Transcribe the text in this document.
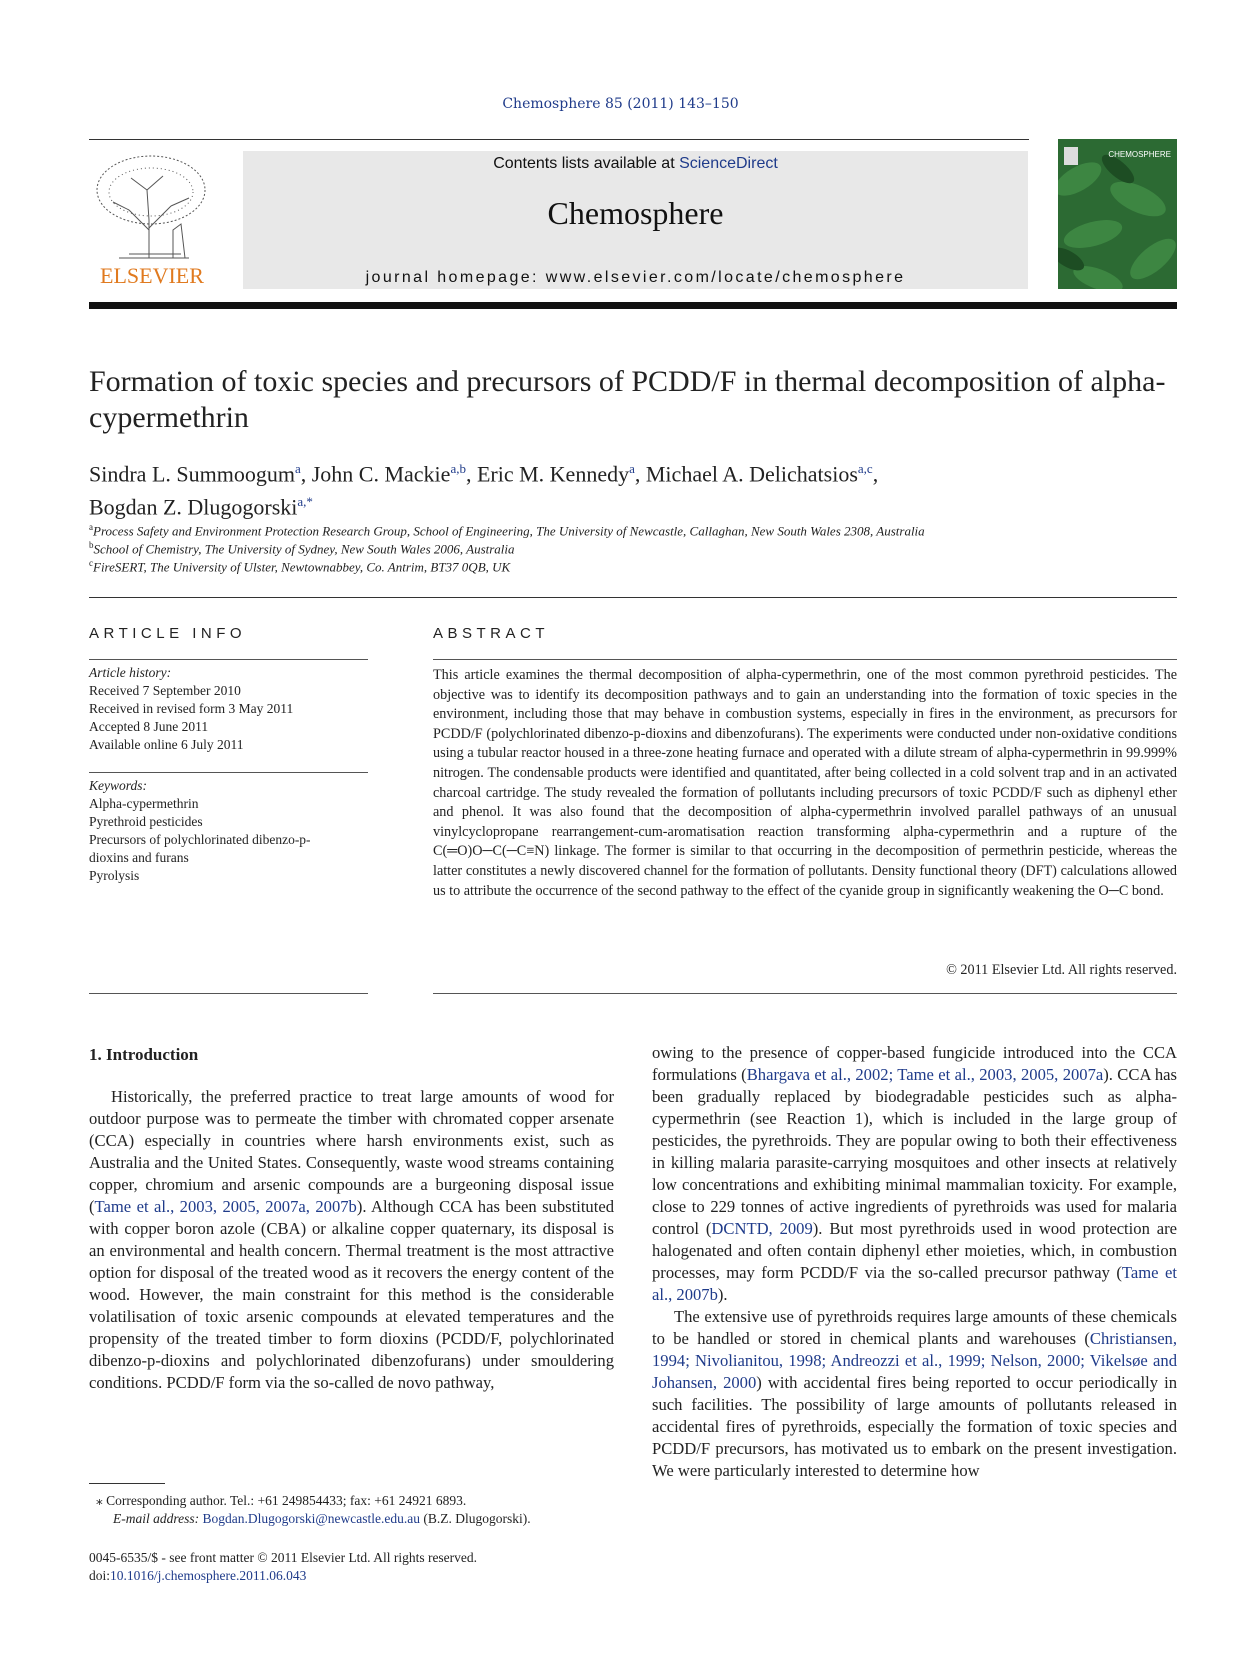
Chemosphere 85 (2011) 143–150
ELSEVIER
Contents lists available at ScienceDirect
Chemosphere
journal homepage: www.elsevier.com/locate/chemosphere
CHEMOSPHERE
Formation of toxic species and precursors of PCDD/F in thermal decomposition of alpha-cypermethrin
Sindra L. Summoogum$^a$, John C. Mackie$^{a,b}$, Eric M. Kennedy$^a$, Michael A. Delichatsios$^{a,c}$,
Bogdan Z. Dlugogorski$^{a,*}$
$^a$Process Safety and Environment Protection Research Group, School of Engineering, The University of Newcastle, Callaghan, New South Wales 2308, Australia
$^b$School of Chemistry, The University of Sydney, New South Wales 2006, Australia
$^c$FireSERT, The University of Ulster, Newtownabbey, Co. Antrim, BT37 0QB, UK
ARTICLE INFO
Article history:
Received 7 September 2010
Received in revised form 3 May 2011
Accepted 8 June 2011
Available online 6 July 2011
Keywords:
Alpha-cypermethrin
Pyrethroid pesticides
Precursors of polychlorinated dibenzo-p-
dioxins and furans
Pyrolysis
ABSTRACT
This article examines the thermal decomposition of alpha-cypermethrin, one of the most common pyrethroid pesticides. The objective was to identify its decomposition pathways and to gain an understanding into the formation of toxic species in the environment, including those that may behave in combustion systems, especially in fires in the environment, as precursors for PCDD/F (polychlorinated dibenzo-p-dioxins and dibenzofurans). The experiments were conducted under non-oxidative conditions using a tubular reactor housed in a three-zone heating furnace and operated with a dilute stream of alpha-cypermethrin in 99.999% nitrogen. The condensable products were identified and quantitated, after being collected in a cold solvent trap and in an activated charcoal cartridge. The study revealed the formation of pollutants including precursors of toxic PCDD/F such as diphenyl ether and phenol. It was also found that the decomposition of alpha-cypermethrin involved parallel pathways of an unusual vinylcyclopropane rearrangement-cum-aromatisation reaction transforming alpha-cypermethrin and a rupture of the C(═O)O─C(─C≡N) linkage. The former is similar to that occurring in the decomposition of permethrin pesticide, whereas the latter constitutes a newly discovered channel for the formation of pollutants. Density functional theory (DFT) calculations allowed us to attribute the occurrence of the second pathway to the effect of the cyanide group in significantly weakening the O─C bond.
© 2011 Elsevier Ltd. All rights reserved.
1. Introduction
Historically, the preferred practice to treat large amounts of wood for outdoor purpose was to permeate the timber with chromated copper arsenate (CCA) especially in countries where harsh environments exist, such as Australia and the United States. Consequently, waste wood streams containing copper, chromium and arsenic compounds are a burgeoning disposal issue (Tame et al., 2003, 2005, 2007a, 2007b). Although CCA has been substituted with copper boron azole (CBA) or alkaline copper quaternary, its disposal is an environmental and health concern. Thermal treatment is the most attractive option for disposal of the treated wood as it recovers the energy content of the wood. However, the main constraint for this method is the considerable volatilisation of toxic arsenic compounds at elevated temperatures and the propensity of the treated timber to form dioxins (PCDD/F, polychlorinated dibenzo-p-dioxins and polychlorinated dibenzofurans) under smouldering conditions. PCDD/F form via the so-called de novo pathway,

owing to the presence of copper-based fungicide introduced into the CCA formulations (Bhargava et al., 2002; Tame et al., 2003, 2005, 2007a). CCA has been gradually replaced by biodegradable pesticides such as alpha-cypermethrin (see Reaction 1), which is included in the large group of pesticides, the pyrethroids. They are popular owing to both their effectiveness in killing malaria parasite-carrying mosquitoes and other insects at relatively low concentrations and exhibiting minimal mammalian toxicity. For example, close to 229 tonnes of active ingredients of pyrethroids was used for malaria control (DCNTD, 2009). But most pyrethroids used in wood protection are halogenated and often contain diphenyl ether moieties, which, in combustion processes, may form PCDD/F via the so-called precursor pathway (Tame et al., 2007b).

The extensive use of pyrethroids requires large amounts of these chemicals to be handled or stored in chemical plants and warehouses (Christiansen, 1994; Nivolianitou, 1998; Andreozzi et al., 1999; Nelson, 2000; Vikelsøe and Johansen, 2000) with accidental fires being reported to occur periodically in such facilities. The possibility of large amounts of pollutants released in accidental fires of pyrethroids, especially the formation of toxic species and PCDD/F precursors, has motivated us to embark on the present investigation. We were particularly interested to determine how

⁎ Corresponding author. Tel.: +61 249854433; fax: +61 24921 6893.
E-mail address: Bogdan.Dlugogorski@newcastle.edu.au (B.Z. Dlugogorski).
0045-6535/$ - see front matter © 2011 Elsevier Ltd. All rights reserved.
doi:10.1016/j.chemosphere.2011.06.043
